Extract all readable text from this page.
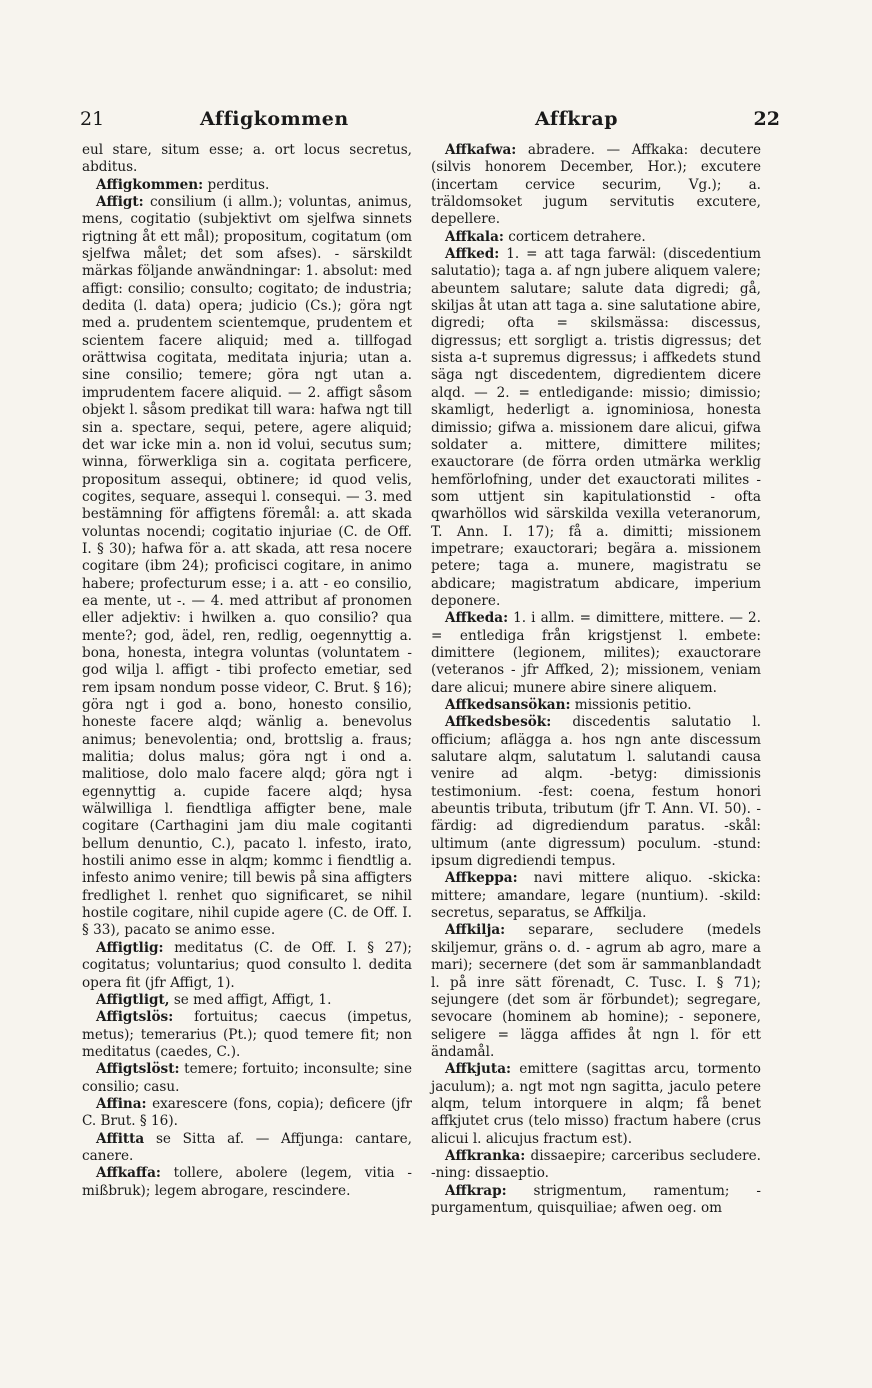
21	Affigkommen	Affkrap	22

eul stare, situm esse; a. ort locus secretus, abditus.

Affigkommen: perditus.

Affigt: consilium (i allm.); voluntas, animus, mens, cogitatio (subjektivt om sjelfwa sinnets rigtning åt ett mål); propositum, cogitatum (om sjelfwa målet; det som afses). - särskildt märkas följande anwändningar: 1. absolut: med affigt: consilio; consulto; cogitato; de industria; dedita (l. data) opera; judicio (Cs.); göra ngt med a. prudentem scientemque, prudentem et scientem facere aliquid; med a. tillfogad orättwisa cogitata, meditata injuria; utan a. sine consilio; temere; göra ngt utan a. imprudentem facere aliquid. — 2. affigt såsom objekt l. såsom predikat till wara: hafwa ngt till sin a. spectare, sequi, petere, agere aliquid; det war icke min a. non id volui, secutus sum; winna, förwerkliga sin a. cogitata perficere, propositum assequi, obtinere; id quod velis, cogites, sequare, assequi l. consequi. — 3. med bestämning för affigtens föremål: a. att skada voluntas nocendi; cogitatio injuriae (C. de Off. I. § 30); hafwa för a. att skada, att resa nocere cogitare (ibm 24); proficisci cogitare, in animo habere; profecturum esse; i a. att - eo consilio, ea mente, ut -. — 4. med attribut af pronomen eller adjektiv: i hwilken a. quo consilio? qua mente?; god, ädel, ren, redlig, oegennyttig a. bona, honesta, integra voluntas (voluntatem - god wilja l. affigt - tibi profecto emetiar, sed rem ipsam nondum posse videor, C. Brut. § 16); göra ngt i god a. bono, honesto consilio, honeste facere alqd; wänlig a. benevolus animus; benevolentia; ond, brottslig a. fraus; malitia; dolus malus; göra ngt i ond a. malitiose, dolo malo facere alqd; göra ngt i egennyttig a. cupide facere alqd; hysa wälwilliga l. fiendtliga affigter bene, male cogitare (Carthagini jam diu male cogitanti bellum denuntio, C.), pacato l. infesto, irato, hostili animo esse in alqm; kommc i fiendtlig a. infesto animo venire; till bewis på sina affigters fredlighet l. renhet quo significaret, se nihil hostile cogitare, nihil cupide agere (C. de Off. I. § 33), pacato se animo esse.

Affigtlig: meditatus (C. de Off. I. § 27); cogitatus; voluntarius; quod consulto l. dedita opera fit (jfr Affigt, 1).

Affigtligt, se med affigt, Affigt, 1.

Affigtslös: fortuitus; caecus (impetus, metus); temerarius (Pt.); quod temere fit; non meditatus (caedes, C.).

Affigtslöst: temere; fortuito; inconsulte; sine consilio; casu.

Affina: exarescere (fons, copia); deficere (jfr C. Brut. § 16).

Affitta se Sitta af. — Affjunga: cantare, canere.

Affkaffa: tollere, abolere (legem, vitia - mißbruk); legem abrogare, rescindere.

Affkafwa: abradere. — Affkaka: decutere (silvis honorem December, Hor.); excutere (incertam cervice securim, Vg.); a. träldomsoket jugum servitutis excutere, depellere.

Affkala: corticem detrahere.

Affked: 1. = att taga farwäl: (discedentium salutatio); taga a. af ngn jubere aliquem valere; abeuntem salutare; salute data digredi; gå, skiljas åt utan att taga a. sine salutatione abire, digredi; ofta = skilsmässa: discessus, digressus; ett sorgligt a. tristis digressus; det sista a-t supremus digressus; i affkedets stund säga ngt discedentem, digredientem dicere alqd. — 2. = entledigande: missio; dimissio; skamligt, hederligt a. ignominiosa, honesta dimissio; gifwa a. missionem dare alicui, gifwa soldater a. mittere, dimittere milites; exauctorare (de förra orden utmärka werklig hemförlofning, under det exauctorati milites - som uttjent sin kapitulationstid - ofta qwarhöllos wid särskilda vexilla veteranorum, T. Ann. I. 17); få a. dimitti; missionem impetrare; exauctorari; begära a. missionem petere; taga a. munere, magistratu se abdicare; magistratum abdicare, imperium deponere.

Affkeda: 1. i allm. = dimittere, mittere. — 2. = entlediga från krigstjenst l. embete: dimittere (legionem, milites); exauctorare (veteranos - jfr Affked, 2); missionem, veniam dare alicui; munere abire sinere aliquem.

Affkedsansökan: missionis petitio.

Affkedsbesök: discedentis salutatio l. officium; aflägga a. hos ngn ante discessum salutare alqm, salutatum l. salutandi causa venire ad alqm. -betyg: dimissionis testimonium. -fest: coena, festum honori abeuntis tributa, tributum (jfr T. Ann. VI. 50). -färdig: ad digrediendum paratus. -skål: ultimum (ante digressum) poculum. -stund: ipsum digrediendi tempus.

Affkeppa: navi mittere aliquo. -skicka: mittere; amandare, legare (nuntium). -skild: secretus, separatus, se Affkilja.

Affkilja: separare, secludere (medels skiljemur, gräns o. d. - agrum ab agro, mare a mari); secernere (det som är sammanblandadt l. på inre sätt förenadt, C. Tusc. I. § 71); sejungere (det som är förbundet); segregare, sevocare (hominem ab homine); - seponere, seligere = lägga affides åt ngn l. för ett ändamål.

Affkjuta: emittere (sagittas arcu, tormento jaculum); a. ngt mot ngn sagitta, jaculo petere alqm, telum intorquere in alqm; få benet affkjutet crus (telo misso) fractum habere (crus alicui l. alicujus fractum est).

Affkranka: dissaepire; carceribus secludere. -ning: dissaeptio.

Affkrap: strigmentum, ramentum; - purgamentum, quisquiliae; afwen oeg. om
